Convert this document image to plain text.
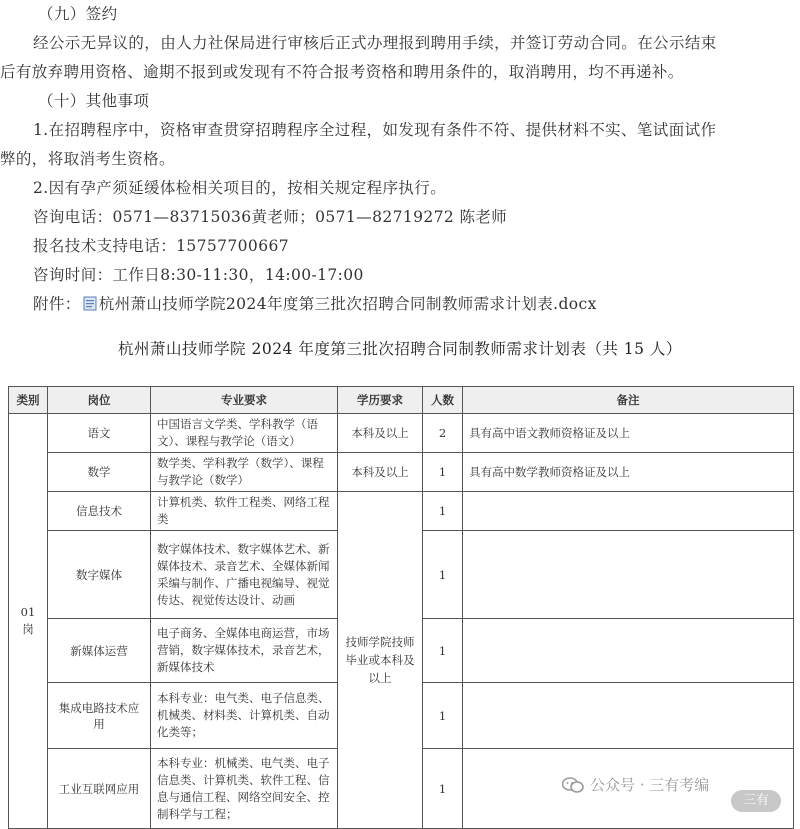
（九）签约
经公示无异议的，由人力社保局进行审核后正式办理报到聘用手续，并签订劳动合同。在公示结束
后有放弃聘用资格、逾期不报到或发现有不符合报考资格和聘用条件的，取消聘用，均不再递补。
（十）其他事项
1.在招聘程序中，资格审查贯穿招聘程序全过程，如发现有条件不符、提供材料不实、笔试面试作
弊的，将取消考生资格。
2.因有孕产须延缓体检相关项目的，按相关规定程序执行。
咨询电话：0571—83715036黄老师；0571—82719272 陈老师
报名技术支持电话：15757700667
咨询时间：工作日8:30-11:30，14:00-17:00
附件： 杭州萧山技师学院2024年度第三批次招聘合同制教师需求计划表.docx
杭州萧山技师学院 2024 年度第三批次招聘合同制教师需求计划表（共 15 人）
类别	岗位	专业要求	学历要求	人数	备注
01
岗	语文	中国语言文学类、学科教学（语文）、课程与教学论（语文）	本科及以上	2	具有高中语文教师资格证及以上
	数学	数学类、学科教学（数学）、课程与教学论（数学）	本科及以上	1	具有高中数学教师资格证及以上
	信息技术	计算机类、软件工程类、网络工程类	技师学院技师毕业或本科及以上	1	
	数字媒体	数字媒体技术、数字媒体艺术、新媒体技术、录音艺术、全媒体新闻采编与制作、广播电视编导、视觉传达、视觉传达设计、动画		1	
	新媒体运营	电子商务、全媒体电商运营，市场营销，数字媒体技术，录音艺术，新媒体技术		1	
	集成电路技术应用	本科专业：电气类、电子信息类、机械类、材料类、计算机类、自动化类等；		1	
	工业互联网应用	本科专业：机械类、电气类、电子信息类、计算机类、软件工程、信息与通信工程、网络空间安全、控制科学与工程；		1		公众号 · 三有考编
三有
